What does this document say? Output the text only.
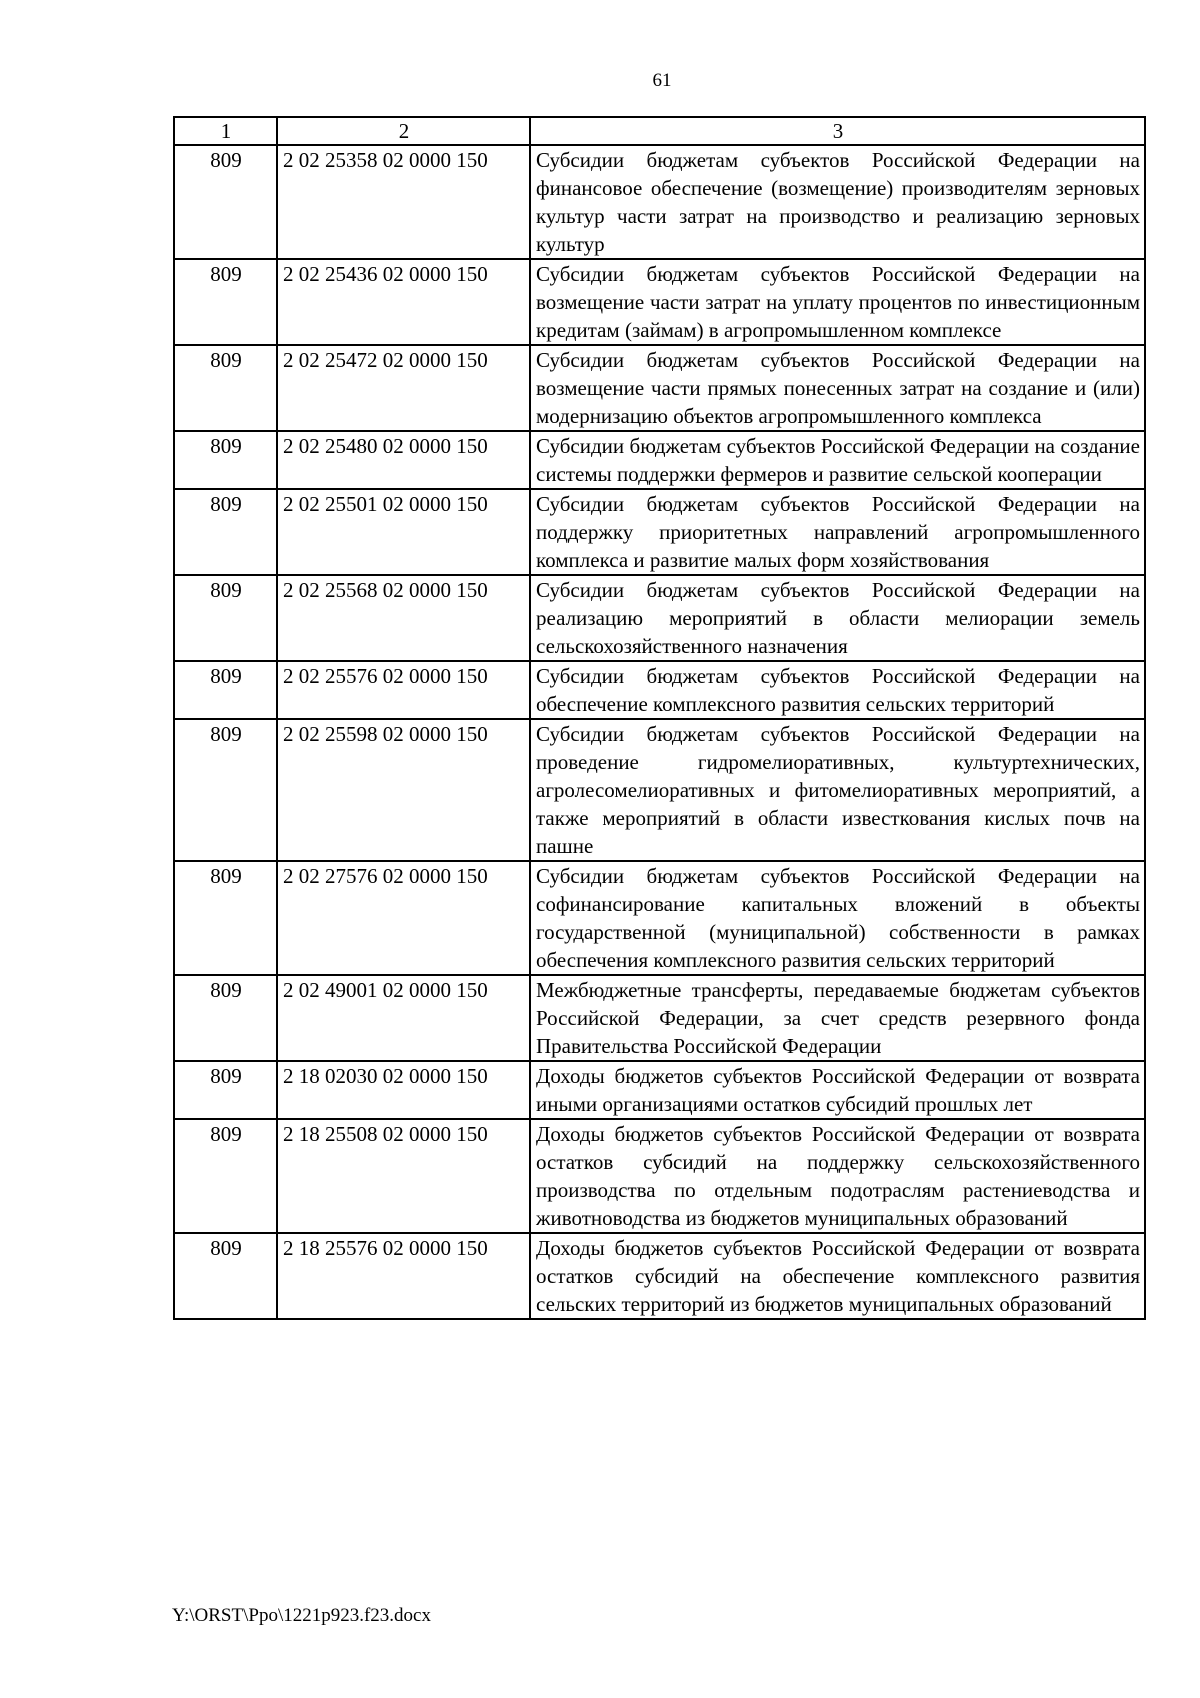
61
1	2	3
809	2 02 25358 02 0000 150	Субсидии бюджетам субъектов Российской Федерации на финансовое обеспечение (возмещение) производителям зерновых культур части затрат на производство и реализацию зерновых культур
809	2 02 25436 02 0000 150	Субсидии бюджетам субъектов Российской Федерации на возмещение части затрат на уплату процентов по инвестиционным кредитам (займам) в агропромышленном комплексе
809	2 02 25472 02 0000 150	Субсидии бюджетам субъектов Российской Федерации на возмещение части прямых понесенных затрат на создание и (или) модернизацию объектов агропромышленного комплекса
809	2 02 25480 02 0000 150	Субсидии бюджетам субъектов Российской Федерации на создание системы поддержки фермеров и развитие сельской кооперации
809	2 02 25501 02 0000 150	Субсидии бюджетам субъектов Российской Федерации на поддержку приоритетных направлений агропромышленного комплекса и развитие малых форм хозяйствования
809	2 02 25568 02 0000 150	Субсидии бюджетам субъектов Российской Федерации на реализацию мероприятий в области мелиорации земель сельскохозяйственного назначения
809	2 02 25576 02 0000 150	Субсидии бюджетам субъектов Российской Федерации на обеспечение комплексного развития сельских территорий
809	2 02 25598 02 0000 150	Субсидии бюджетам субъектов Российской Федерации на проведение гидромелиоративных, культуртехнических, агролесомелиоративных и фитомелиоративных мероприятий, а также мероприятий в области известкования кислых почв на пашне
809	2 02 27576 02 0000 150	Субсидии бюджетам субъектов Российской Федерации на софинансирование капитальных вложений в объекты государственной (муниципальной) собственности в рамках обеспечения комплексного развития сельских территорий
809	2 02 49001 02 0000 150	Межбюджетные трансферты, передаваемые бюджетам субъектов Российской Федерации, за счет средств резервного фонда Правительства Российской Федерации
809	2 18 02030 02 0000 150	Доходы бюджетов субъектов Российской Федерации от возврата иными организациями остатков субсидий прошлых лет
809	2 18 25508 02 0000 150	Доходы бюджетов субъектов Российской Федерации от возврата остатков субсидий на поддержку сельскохозяйственного производства по отдельным подотраслям растениеводства и животноводства из бюджетов муниципальных образований
809	2 18 25576 02 0000 150	Доходы бюджетов субъектов Российской Федерации от возврата остатков субсидий на обеспечение комплексного развития сельских территорий из бюджетов муниципальных образований
Y:\ORST\Ppo\1221p923.f23.docx
